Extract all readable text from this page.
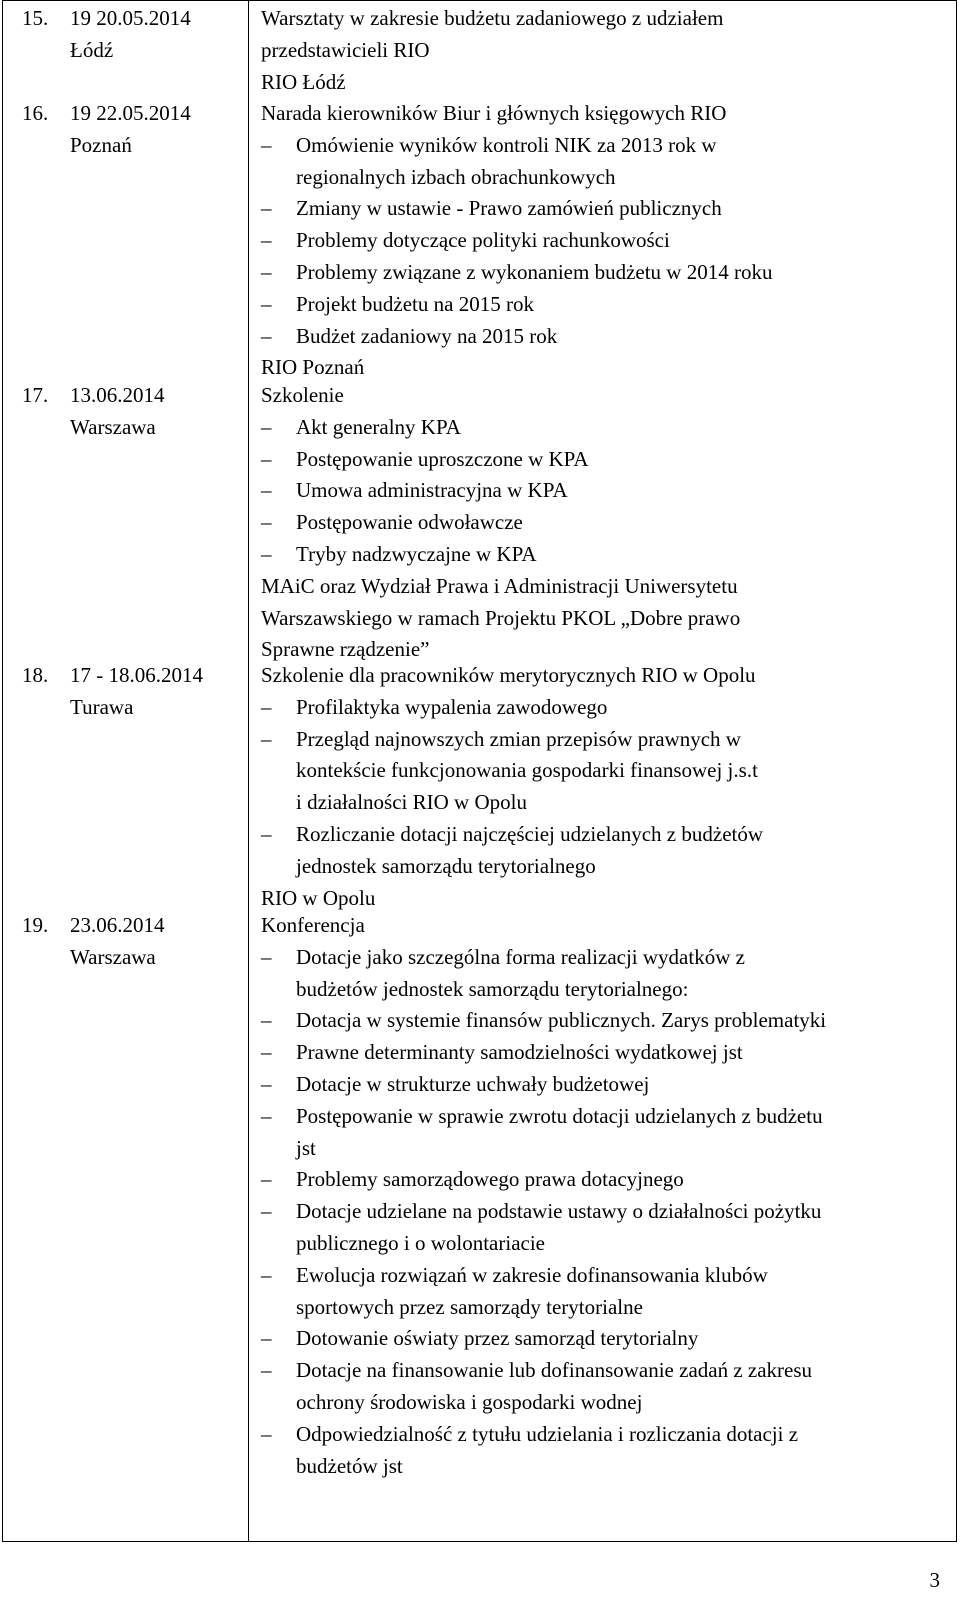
15. 19 20.05.2014
Łódź
Warsztaty w zakresie budżetu zadaniowego z udziałem
przedstawicieli RIO
RIO Łódź
16. 19 22.05.2014
Poznań
Narada kierowników Biur i głównych księgowych RIO
– Omówienie wyników kontroli NIK za 2013 rok w
regionalnych izbach obrachunkowych
– Zmiany w ustawie - Prawo zamówień publicznych
– Problemy dotyczące polityki rachunkowości
– Problemy związane z wykonaniem budżetu w 2014 roku
– Projekt budżetu na 2015 rok
– Budżet zadaniowy na 2015 rok
RIO Poznań
17. 13.06.2014
Warszawa
Szkolenie
– Akt generalny KPA
– Postępowanie uproszczone w KPA
– Umowa administracyjna w KPA
– Postępowanie odwoławcze
– Tryby nadzwyczajne w KPA
MAiC oraz Wydział Prawa i Administracji Uniwersytetu
Warszawskiego w ramach Projektu PKOL „Dobre prawo
Sprawne rządzenie”
18. 17 - 18.06.2014
Turawa
Szkolenie dla pracowników merytorycznych RIO w Opolu
– Profilaktyka wypalenia zawodowego
– Przegląd najnowszych zmian przepisów prawnych w
kontekście funkcjonowania gospodarki finansowej j.s.t
i działalności RIO w Opolu
– Rozliczanie dotacji najczęściej udzielanych z budżetów
jednostek samorządu terytorialnego
RIO w Opolu
19. 23.06.2014
Warszawa
Konferencja
– Dotacje jako szczególna forma realizacji wydatków z
budżetów jednostek samorządu terytorialnego:
– Dotacja w systemie finansów publicznych. Zarys problematyki
– Prawne determinanty samodzielności wydatkowej jst
– Dotacje w strukturze uchwały budżetowej
– Postępowanie w sprawie zwrotu dotacji udzielanych z budżetu
jst
– Problemy samorządowego prawa dotacyjnego
– Dotacje udzielane na podstawie ustawy o działalności pożytku
publicznego i o wolontariacie
– Ewolucja rozwiązań w zakresie dofinansowania klubów
sportowych przez samorządy terytorialne
– Dotowanie oświaty przez samorząd terytorialny
– Dotacje na finansowanie lub dofinansowanie zadań z zakresu
ochrony środowiska i gospodarki wodnej
– Odpowiedzialność z tytułu udzielania i rozliczania dotacji z
budżetów jst
3
